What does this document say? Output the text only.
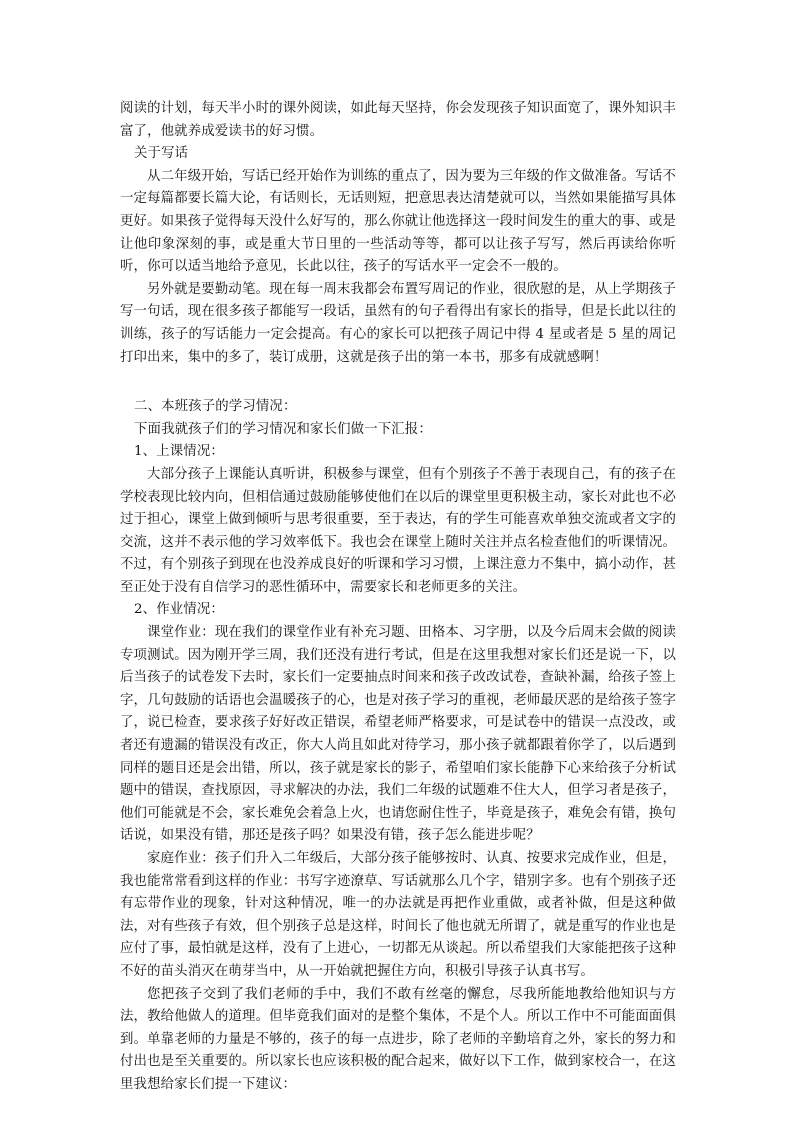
阅读的计划，每天半小时的课外阅读，如此每天坚持，你会发现孩子知识面宽了，课外知识丰富了，他就养成爱读书的好习惯。

关于写话

从二年级开始，写话已经开始作为训练的重点了，因为要为三年级的作文做准备。写话不一定每篇都要长篇大论，有话则长，无话则短，把意思表达清楚就可以，当然如果能描写具体更好。如果孩子觉得每天没什么好写的，那么你就让他选择这一段时间发生的重大的事、或是让他印象深刻的事，或是重大节日里的一些活动等等，都可以让孩子写写，然后再读给你听听，你可以适当地给予意见，长此以往，孩子的写话水平一定会不一般的。

另外就是要勤动笔。现在每一周末我都会布置写周记的作业，很欣慰的是，从上学期孩子写一句话，现在很多孩子都能写一段话，虽然有的句子看得出有家长的指导，但是长此以往的训练，孩子的写话能力一定会提高。有心的家长可以把孩子周记中得 4 星或者是 5 星的周记打印出来，集中的多了，装订成册，这就是孩子出的第一本书，那多有成就感啊！

二、本班孩子的学习情况：

下面我就孩子们的学习情况和家长们做一下汇报：

1、上课情况：

大部分孩子上课能认真听讲，积极参与课堂，但有个别孩子不善于表现自己，有的孩子在学校表现比较内向，但相信通过鼓励能够使他们在以后的课堂里更积极主动，家长对此也不必过于担心，课堂上做到倾听与思考很重要，至于表达，有的学生可能喜欢单独交流或者文字的交流，这并不表示他的学习效率低下。我也会在课堂上随时关注并点名检查他们的听课情况。不过，有个别孩子到现在也没养成良好的听课和学习习惯，上课注意力不集中，搞小动作，甚至正处于没有自信学习的恶性循环中，需要家长和老师更多的关注。

2、作业情况：

课堂作业：现在我们的课堂作业有补充习题、田格本、习字册，以及今后周末会做的阅读专项测试。因为刚开学三周，我们还没有进行考试，但是在这里我想对家长们还是说一下，以后当孩子的试卷发下去时，家长们一定要抽点时间来和孩子改改试卷，查缺补漏，给孩子签上字，几句鼓励的话语也会温暖孩子的心，也是对孩子学习的重视，老师最厌恶的是给孩子签字了，说已检查，要求孩子好好改正错误，希望老师严格要求，可是试卷中的错误一点没改，或者还有遗漏的错误没有改正，你大人尚且如此对待学习，那小孩子就都跟着你学了，以后遇到同样的题目还是会出错，所以，孩子就是家长的影子，希望咱们家长能静下心来给孩子分析试题中的错误，查找原因，寻求解决的办法，我们二年级的试题难不住大人，但学习者是孩子，他们可能就是不会，家长难免会着急上火，也请您耐住性子，毕竟是孩子，难免会有错，换句话说，如果没有错，那还是孩子吗？如果没有错，孩子怎么能进步呢？

家庭作业：孩子们升入二年级后，大部分孩子能够按时、认真、按要求完成作业，但是，我也能常常看到这样的作业：书写字迹潦草、写话就那么几个字，错别字多。也有个别孩子还有忘带作业的现象，针对这种情况，唯一的办法就是再把作业重做，或者补做，但是这种做法，对有些孩子有效，但个别孩子总是这样，时间长了他也就无所谓了，就是重写的作业也是应付了事，最怕就是这样，没有了上进心，一切都无从谈起。所以希望我们大家能把孩子这种不好的苗头消灭在萌芽当中，从一开始就把握住方向，积极引导孩子认真书写。

您把孩子交到了我们老师的手中，我们不敢有丝毫的懈怠，尽我所能地教给他知识与方法，教给他做人的道理。但毕竟我们面对的是整个集体，不是个人。所以工作中不可能面面俱到。单靠老师的力量是不够的，孩子的每一点进步，除了老师的辛勤培育之外，家长的努力和付出也是至关重要的。所以家长也应该积极的配合起来，做好以下工作，做到家校合一，在这里我想给家长们提一下建议：
